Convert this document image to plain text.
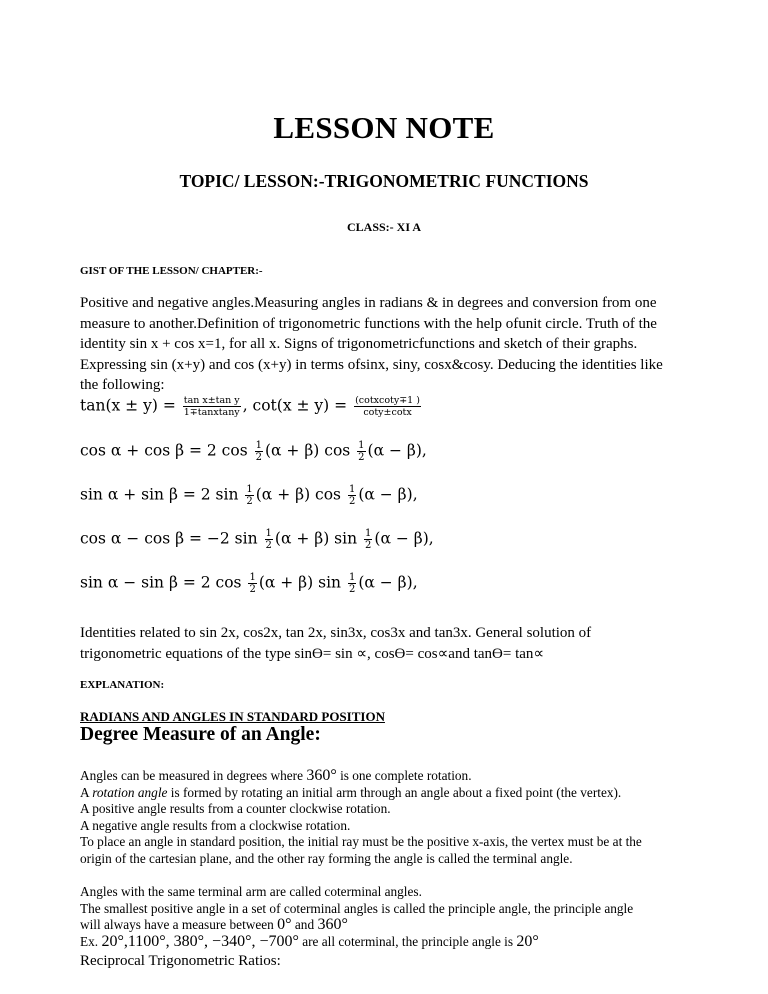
LESSON NOTE
TOPIC/ LESSON:-TRIGONOMETRIC FUNCTIONS
CLASS:- XI A
GIST OF THE LESSON/ CHAPTER:-
Positive and negative angles.Measuring angles in radians & in degrees and conversion from one
measure to another.Definition of trigonometric functions with the help ofunit circle. Truth of the
identity sin x + cos x=1, for all x. Signs of trigonometricfunctions and sketch of their graphs.
Expressing sin (x+y) and cos (x+y) in terms ofsinx, siny, cosx&cosy. Deducing the identities like
the following:
$\tan(x \pm y) = \frac{\text{tan x±tan y}}{\text{1∓tanxtany}}$ , $\cot(x \pm y) = \frac{\text{(cotxcoty∓1 )}}{\cot y\pm\cot x}$
cos α + cos β = 2 $\cos \frac{1}{2} (\alpha + \beta)$ $\cos \frac{1}{2} (\alpha - \beta)$,
sin α + sin β = 2 $\sin \frac{1}{2} (\alpha + \beta)$ $\cos \frac{1}{2} (\alpha - \beta)$,
cos α − cos β = −2 $\sin \frac{1}{2} (\alpha + \beta)$ $\sin \frac{1}{2} (\alpha - \beta)$,
sin α − sin β = 2 $\cos \frac{1}{2} (\alpha + \beta)$ $\sin \frac{1}{2} (\alpha - \beta)$,
Identities related to sin 2x, cos2x, tan 2x, sin3x, cos3x and tan3x. General solution of
trigonometric equations of the type sinϴ= sin ∝, cosϴ= cos∝and tanϴ= tan∝
EXPLANATION:
RADIANS AND ANGLES IN STANDARD POSITION
Degree Measure of an Angle:
Angles can be measured in degrees where 360° is one complete rotation.
A rotation angle is formed by rotating an initial arm through an angle about a fixed point (the vertex).
A positive angle results from a counter clockwise rotation.
A negative angle results from a clockwise rotation.
To place an angle in standard position, the initial ray must be the positive x-axis, the vertex must be at the
origin of the cartesian plane, and the other ray forming the angle is called the terminal angle.
Angles with the same terminal arm are called coterminal angles.
The smallest positive angle in a set of coterminal angles is called the principle angle, the principle angle
will always have a measure between 0° and 360°
Ex. 20°,1100°, 380°, −340°, −700° are all coterminal, the principle angle is 20°
Reciprocal Trigonometric Ratios:
